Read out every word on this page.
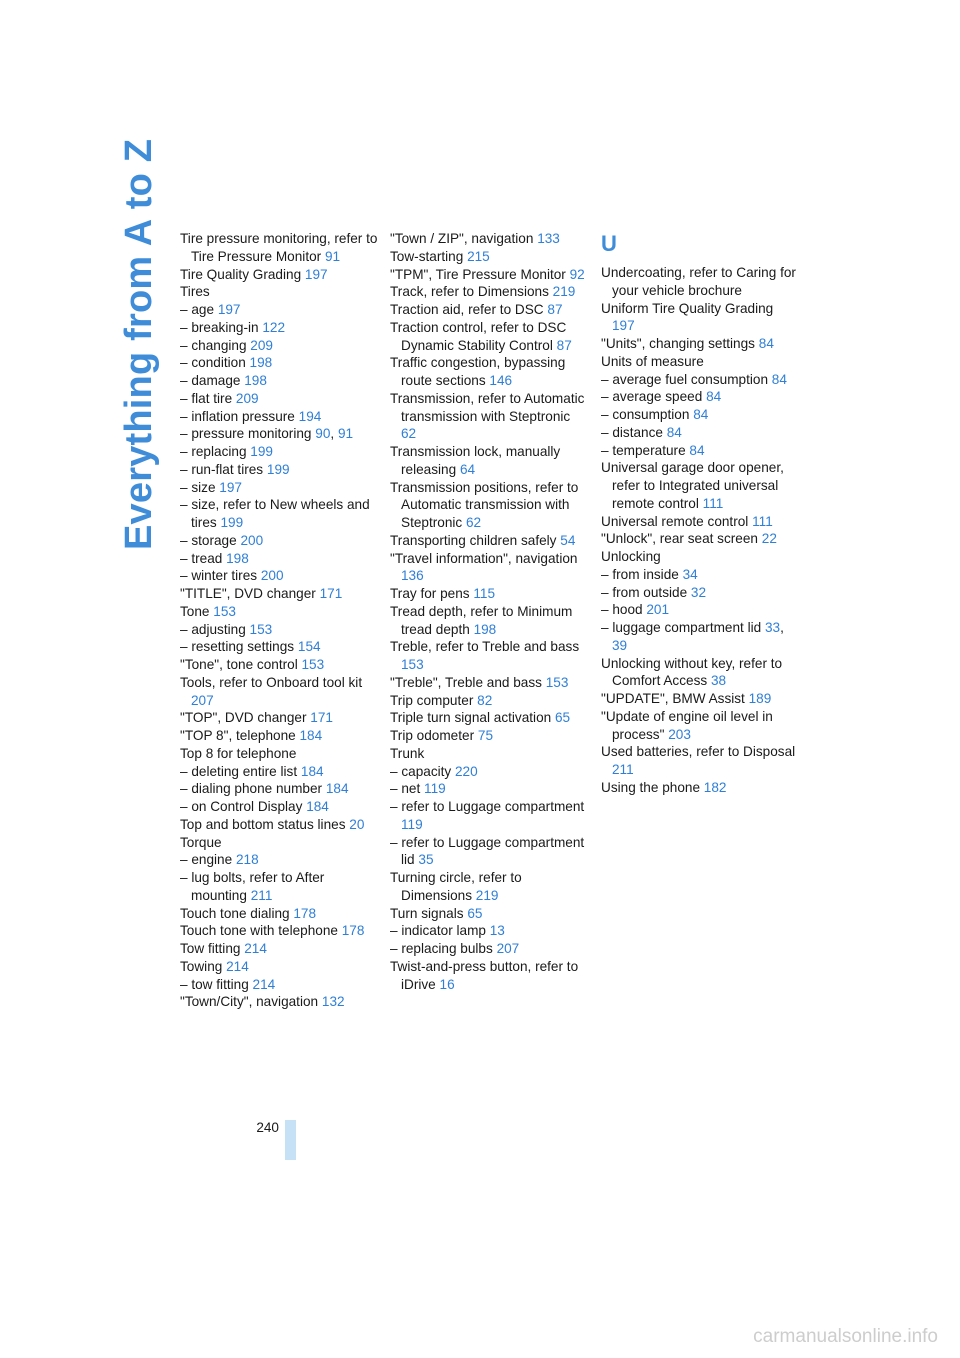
Everything from A to Z Tire pressure monitoring, refer to Tire Pressure Monitor 91
Tire Quality Grading 197
Tires
– age 197
– breaking-in 122
– changing 209
– condition 198
– damage 198
– flat tire 209
– inflation pressure 194
– pressure monitoring 90, 91
– replacing 199
– run-flat tires 199
– size 197
– size, refer to New wheels and tires 199
– storage 200
– tread 198
– winter tires 200
"TITLE", DVD changer 171
Tone 153
– adjusting 153
– resetting settings 154
"Tone", tone control 153
Tools, refer to Onboard tool kit 207
"TOP", DVD changer 171
"TOP 8", telephone 184
Top 8 for telephone
– deleting entire list 184
– dialing phone number 184
– on Control Display 184
Top and bottom status lines 20
Torque
– engine 218
– lug bolts, refer to After mounting 211
Touch tone dialing 178
Touch tone with telephone 178
Tow fitting 214
Towing 214
– tow fitting 214
"Town/City", navigation 132
"Town / ZIP", navigation 133
Tow-starting 215
"TPM", Tire Pressure Monitor 92
Track, refer to Dimensions 219
Traction aid, refer to DSC 87
Traction control, refer to DSC Dynamic Stability Control 87
Traffic congestion, bypassing route sections 146
Transmission, refer to Automatic transmission with Steptronic 62
Transmission lock, manually releasing 64
Transmission positions, refer to Automatic transmission with Steptronic 62
Transporting children safely 54
"Travel information", navigation 136
Tray for pens 115
Tread depth, refer to Minimum tread depth 198
Treble, refer to Treble and bass 153
"Treble", Treble and bass 153
Trip computer 82
Triple turn signal activation 65
Trip odometer 75
Trunk
– capacity 220
– net 119
– refer to Luggage compartment 119
– refer to Luggage compartment lid 35
Turning circle, refer to Dimensions 219
Turn signals 65
– indicator lamp 13
– replacing bulbs 207
Twist-and-press button, refer to iDrive 16
U
Undercoating, refer to Caring for your vehicle brochure
Uniform Tire Quality Grading 197
"Units", changing settings 84
Units of measure
– average fuel consumption 84
– average speed 84
– consumption 84
– distance 84
– temperature 84
Universal garage door opener, refer to Integrated universal remote control 111
Universal remote control 111
"Unlock", rear seat screen 22
Unlocking
– from inside 34
– from outside 32
– hood 201
– luggage compartment lid 33, 39
Unlocking without key, refer to Comfort Access 38
"UPDATE", BMW Assist 189
"Update of engine oil level in process" 203
Used batteries, refer to Disposal 211
Using the phone 182
240
carmanualsonline.info
